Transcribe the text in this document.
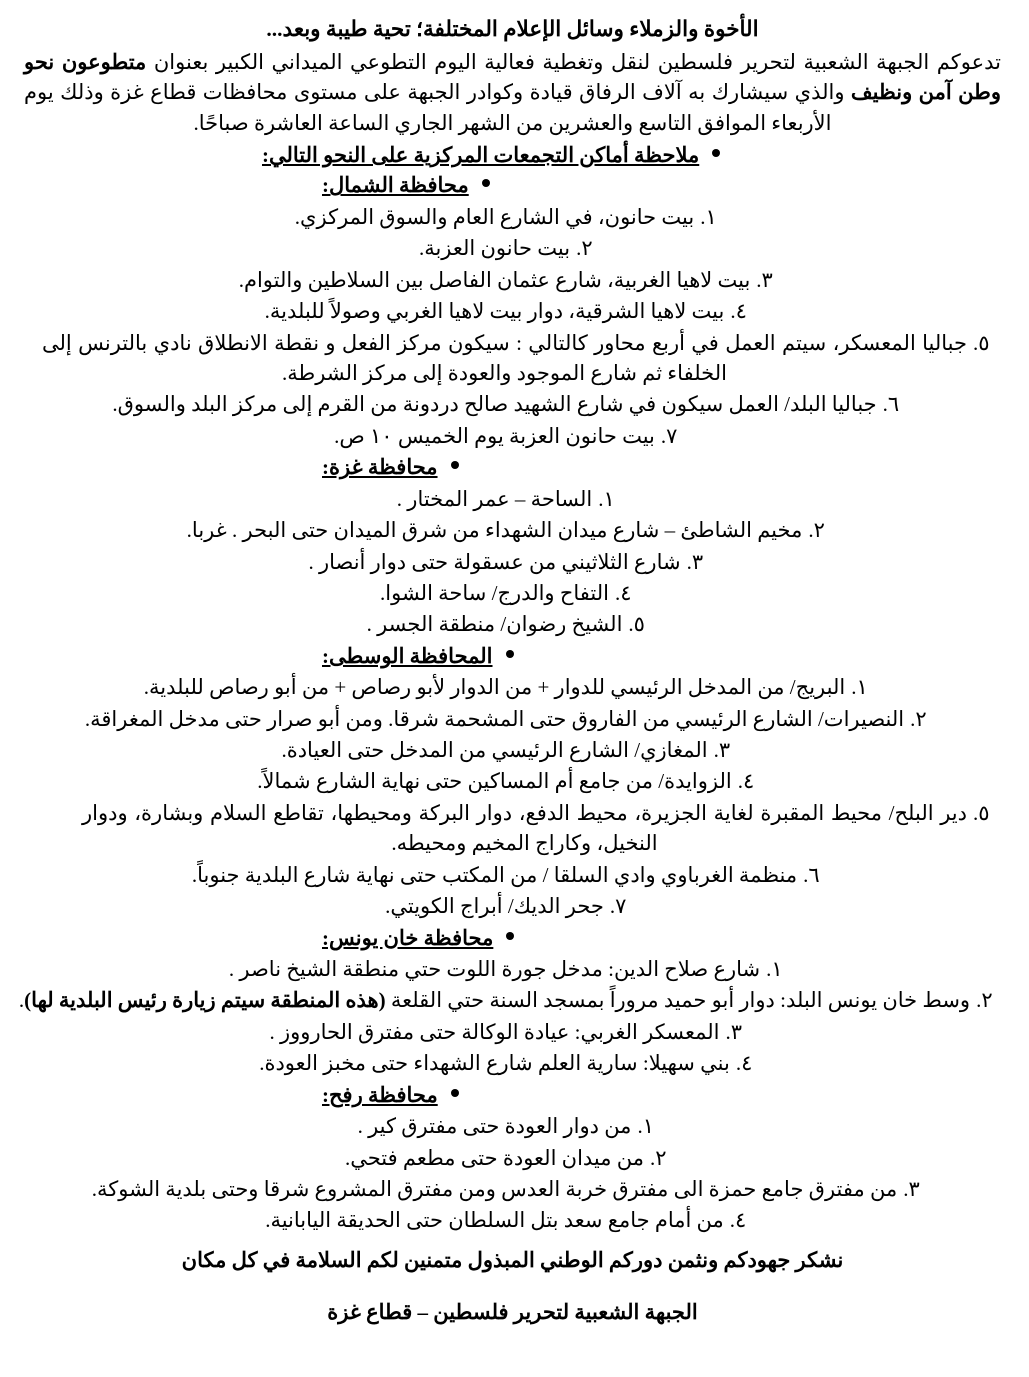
الأخوة والزملاء وسائل الإعلام المختلفة؛ تحية طيبة وبعد...

تدعوكم الجبهة الشعبية لتحرير فلسطين لنقل وتغطية فعالية اليوم التطوعي الميداني الكبير بعنوان متطوعون نحو وطن آمن ونظيف والذي سيشارك به آلاف الرفاق قيادة وكوادر الجبهة على مستوى محافظات قطاع غزة وذلك يوم الأربعاء الموافق التاسع والعشرين من الشهر الجاري الساعة العاشرة صباحًا.

ملاحظة أماكن التجمعات المركزية على النحو التالي:
محافظة الشمال:
١.
بيت حانون، في الشارع العام والسوق المركزي.
٢.
بيت حانون العزبة.
٣.
بيت لاهيا الغربية، شارع عثمان الفاصل بين السلاطين والتوام.
٤.
بيت لاهيا الشرقية، دوار بيت لاهيا الغربي وصولاً للبلدية.
٥.
جباليا المعسكر، سيتم العمل في أربع محاور كالتالي : سيكون مركز الفعل و نقطة الانطلاق نادي بالترنس إلى الخلفاء ثم شارع الموجود والعودة إلى مركز الشرطة.
٦.
جباليا البلد/ العمل سيكون في شارع الشهيد صالح دردونة من القرم إلى مركز البلد والسوق.
٧.
بيت حانون العزبة يوم الخميس ١٠ ص.
محافظة غزة:
١.
الساحة – عمر المختار .
٢.
مخيم الشاطئ – شارع ميدان الشهداء من شرق الميدان حتى البحر . غربا.
٣.
شارع الثلاثيني من عسقولة حتى دوار أنصار .
٤.
التفاح والدرج/ ساحة الشوا.
٥.
الشيخ رضوان/ منطقة الجسر .
المحافظة الوسطى:
١.
البريج/ من المدخل الرئيسي للدوار + من الدوار لأبو رصاص + من أبو رصاص للبلدية.
٢.
النصيرات/ الشارع الرئيسي من الفاروق حتى المشحمة شرقا. ومن أبو صرار حتى مدخل المغراقة.
٣.
المغازي/ الشارع الرئيسي من المدخل حتى العيادة.
٤.
الزوايدة/ من جامع أم المساكين حتى نهاية الشارع شمالاً.
٥.
دير البلح/ محيط المقبرة لغاية الجزيرة، محيط الدفع، دوار البركة ومحيطها، تقاطع السلام وبشارة، ودوار النخيل، وكاراج المخيم ومحيطه.
٦.
منظمة الغرباوي وادي السلقا / من المكتب حتى نهاية شارع البلدية جنوباً.
٧.
جحر الديك/ أبراج الكويتي.
محافظة خان يونس:
١.
شارع صلاح الدين: مدخل جورة اللوت حتي منطقة الشيخ ناصر .
٢.
وسط خان يونس البلد: دوار أبو حميد مروراً بمسجد السنة حتي القلعة (هذه المنطقة سيتم زيارة رئيس البلدية لها).
٣.
المعسكر الغربي: عيادة الوكالة حتى مفترق الحارووز .
٤.
بني سهيلا: سارية العلم شارع الشهداء حتى مخبز العودة.
محافظة رفح:
١.
من دوار العودة حتى مفترق كير .
٢.
من ميدان العودة حتى مطعم فتحي.
٣.
من مفترق جامع حمزة الى مفترق خربة العدس ومن مفترق المشروع شرقا وحتى بلدية الشوكة.
٤.
من أمام جامع سعد بتل السلطان حتى الحديقة اليابانية.

نشكر جهودكم ونثمن دوركم الوطني المبذول متمنين لكم السلامة في كل مكان

الجبهة الشعبية لتحرير فلسطين – قطاع غزة
